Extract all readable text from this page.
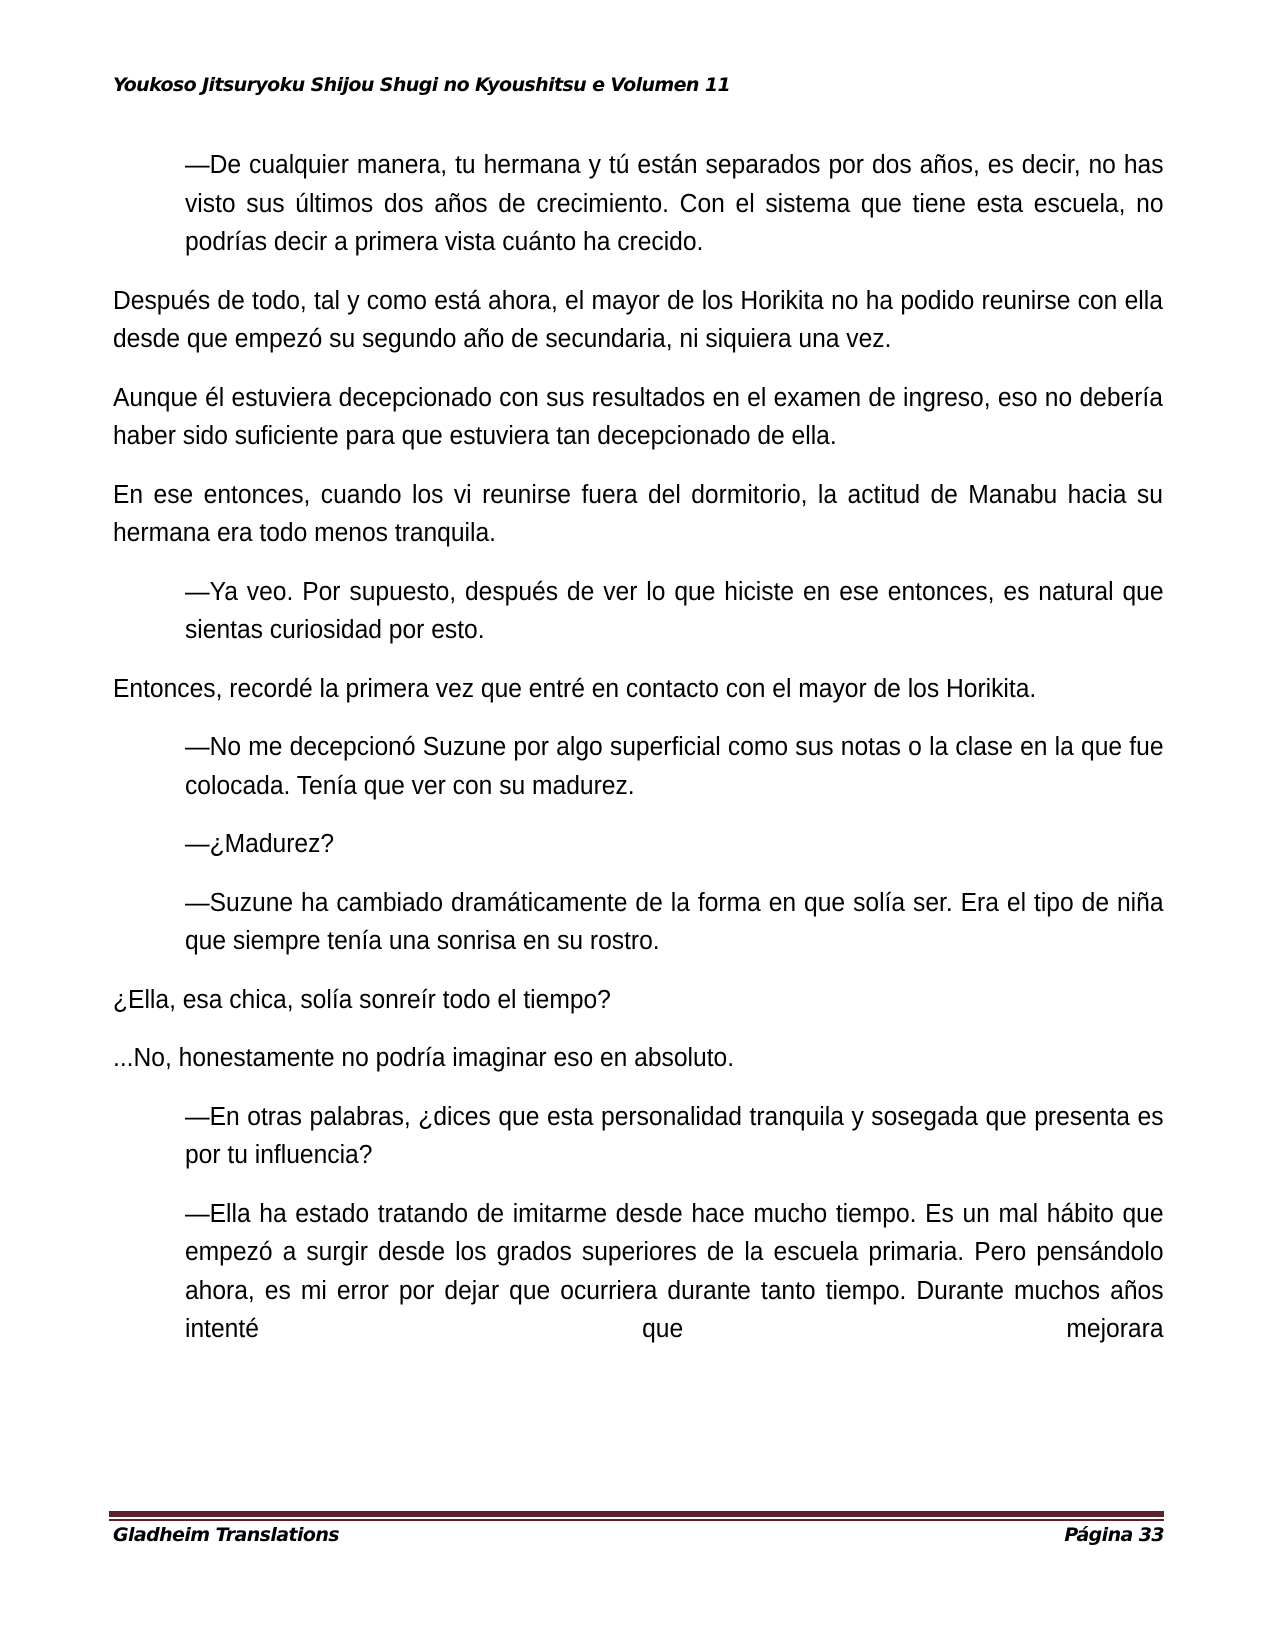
Youkoso Jitsuryoku Shijou Shugi no Kyoushitsu e Volumen 11

—De cualquier manera, tu hermana y tú están separados por dos años, es decir, no has visto sus últimos dos años de crecimiento. Con el sistema que tiene esta escuela, no podrías decir a primera vista cuánto ha crecido.

Después de todo, tal y como está ahora, el mayor de los Horikita no ha podido reunirse con ella desde que empezó su segundo año de secundaria, ni siquiera una vez.

Aunque él estuviera decepcionado con sus resultados en el examen de ingreso, eso no debería haber sido suficiente para que estuviera tan decepcionado de ella.

En ese entonces, cuando los vi reunirse fuera del dormitorio, la actitud de Manabu hacia su hermana era todo menos tranquila.

—Ya veo. Por supuesto, después de ver lo que hiciste en ese entonces, es natural que sientas curiosidad por esto.

Entonces, recordé la primera vez que entré en contacto con el mayor de los Horikita.

—No me decepcionó Suzune por algo superficial como sus notas o la clase en la que fue colocada. Tenía que ver con su madurez.

—¿Madurez?

—Suzune ha cambiado dramáticamente de la forma en que solía ser. Era el tipo de niña que siempre tenía una sonrisa en su rostro.

¿Ella, esa chica, solía sonreír todo el tiempo?

...No, honestamente no podría imaginar eso en absoluto.

—En otras palabras, ¿dices que esta personalidad tranquila y sosegada que presenta es por tu influencia?

—Ella ha estado tratando de imitarme desde hace mucho tiempo. Es un mal hábito que empezó a surgir desde los grados superiores de la escuela primaria. Pero pensándolo ahora, es mi error por dejar que ocurriera durante tanto tiempo. Durante muchos años intenté que mejorara

Gladheim Translations	Página 33
